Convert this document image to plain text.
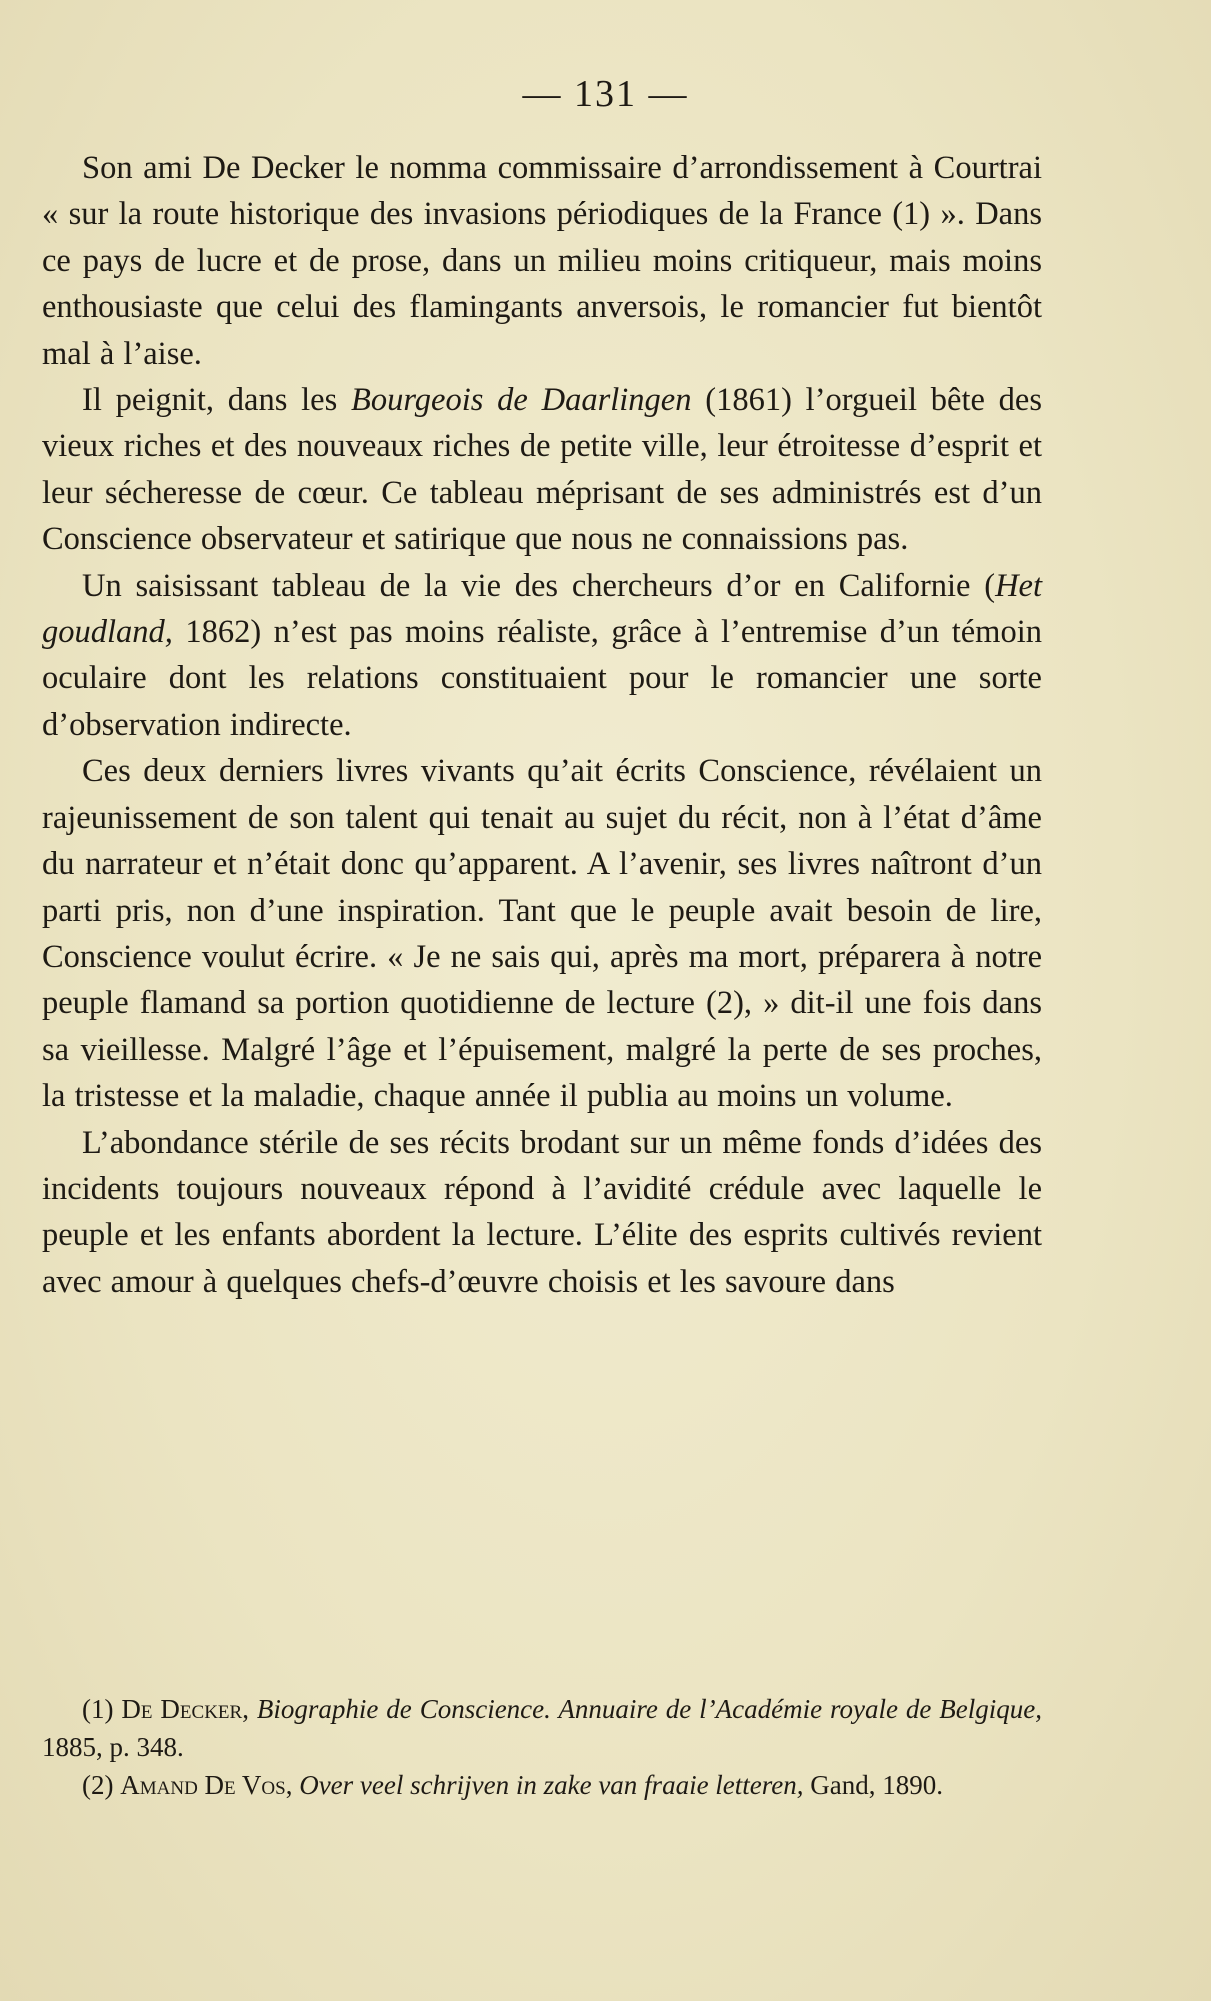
— 131 —

Son ami De Decker le nomma commissaire d’arrondissement à Courtrai « sur la route historique des invasions périodiques de la France (1) ». Dans ce pays de lucre et de prose, dans un milieu moins critiqueur, mais moins enthousiaste que celui des flamingants anversois, le romancier fut bientôt mal à l’aise.

Il peignit, dans les Bourgeois de Daarlingen (1861) l’orgueil bête des vieux riches et des nouveaux riches de petite ville, leur étroitesse d’esprit et leur sécheresse de cœur. Ce tableau méprisant de ses administrés est d’un Conscience observateur et satirique que nous ne connaissions pas.

Un saisissant tableau de la vie des chercheurs d’or en Californie (Het goudland, 1862) n’est pas moins réaliste, grâce à l’entremise d’un témoin oculaire dont les relations constituaient pour le romancier une sorte d’observation indirecte.

Ces deux derniers livres vivants qu’ait écrits Conscience, révélaient un rajeunissement de son talent qui tenait au sujet du récit, non à l’état d’âme du narrateur et n’était donc qu’apparent. A l’avenir, ses livres naîtront d’un parti pris, non d’une inspiration. Tant que le peuple avait besoin de lire, Conscience voulut écrire. « Je ne sais qui, après ma mort, préparera à notre peuple flamand sa portion quotidienne de lecture (2), » dit-il une fois dans sa vieillesse. Malgré l’âge et l’épuisement, malgré la perte de ses proches, la tristesse et la maladie, chaque année il publia au moins un volume.

L’abondance stérile de ses récits brodant sur un même fonds d’idées des incidents toujours nouveaux répond à l’avidité crédule avec laquelle le peuple et les enfants abordent la lecture. L’élite des esprits cultivés revient avec amour à quelques chefs-d’œuvre choisis et les savoure dans

(1) De Decker, Biographie de Conscience. Annuaire de l’Académie royale de Belgique, 1885, p. 348.

(2) Amand De Vos, Over veel schrijven in zake van fraaie letteren, Gand, 1890.
